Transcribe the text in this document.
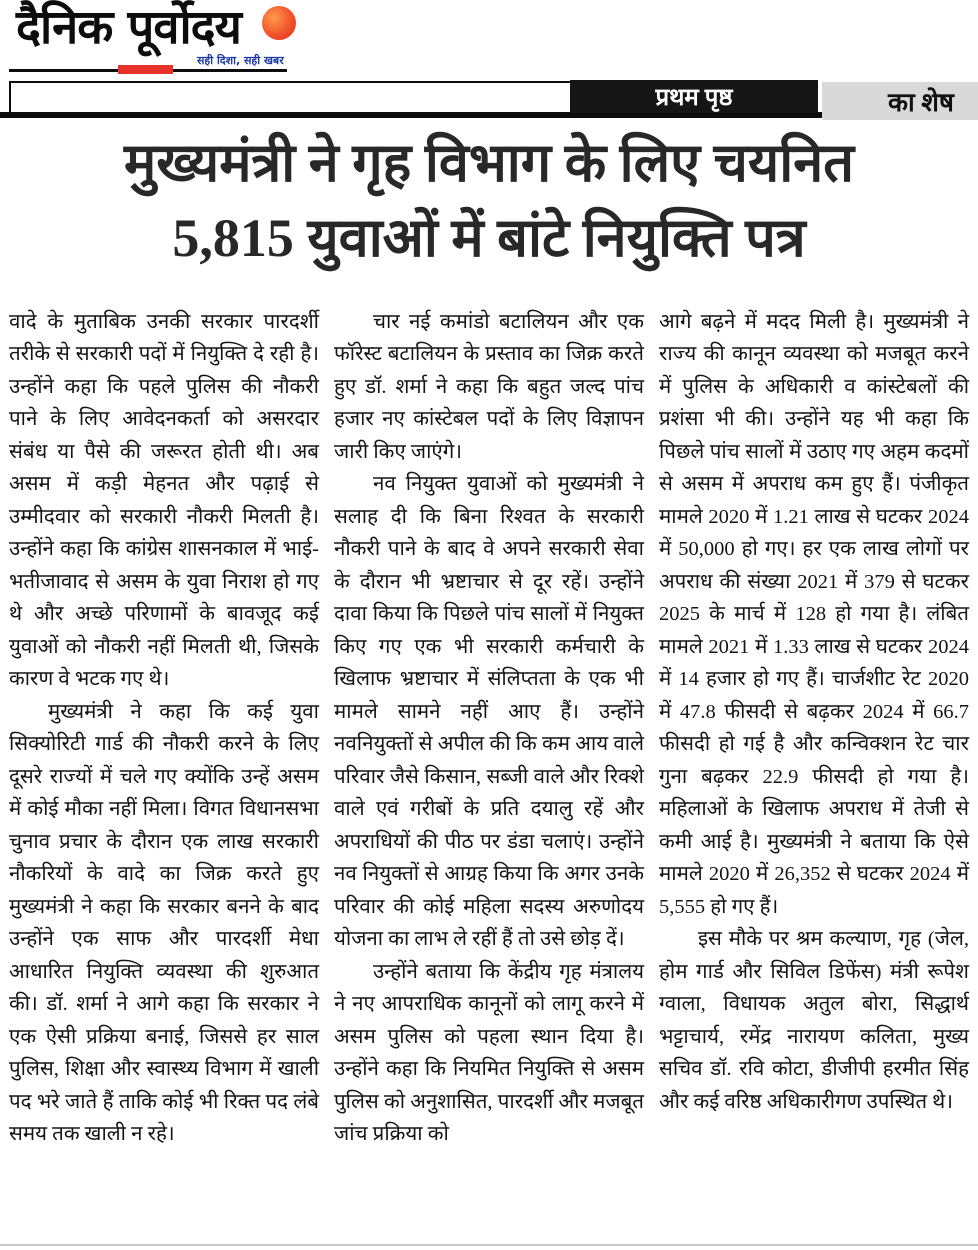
दैनिक पूर्वोदय
सही दिशा, सही खबर
प्रथम पृष्ठ	का शेष
मुख्यमंत्री ने गृह विभाग के लिए चयनित
5,815 युवाओं में बांटे नियुक्ति पत्र

वादे के मुताबिक उनकी सरकार पारदर्शी तरीके से सरकारी पदों में नियुक्ति दे रही है। उन्होंने कहा कि पहले पुलिस की नौकरी पाने के लिए आवेदनकर्ता को असरदार संबंध या पैसे की जरूरत होती थी। अब असम में कड़ी मेहनत और पढ़ाई से उम्मीदवार को सरकारी नौकरी मिलती है। उन्होंने कहा कि कांग्रेस शासनकाल में भाई-भतीजावाद से असम के युवा निराश हो गए थे और अच्छे परिणामों के बावजूद कई युवाओं को नौकरी नहीं मिलती थी, जिसके कारण वे भटक गए थे।

मुख्यमंत्री ने कहा कि कई युवा सिक्योरिटी गार्ड की नौकरी करने के लिए दूसरे राज्यों में चले गए क्योंकि उन्हें असम में कोई मौका नहीं मिला। विगत विधानसभा चुनाव प्रचार के दौरान एक लाख सरकारी नौकरियों के वादे का जिक्र करते हुए मुख्यमंत्री ने कहा कि सरकार बनने के बाद उन्होंने एक साफ और पारदर्शी मेधा आधारित नियुक्ति व्यवस्था की शुरुआत की। डॉ. शर्मा ने आगे कहा कि सरकार ने एक ऐसी प्रक्रिया बनाई, जिससे हर साल पुलिस, शिक्षा और स्वास्थ्य विभाग में खाली पद भरे जाते हैं ताकि कोई भी रिक्त पद लंबे समय तक खाली न रहे।

चार नई कमांडो बटालियन और एक फॉरेस्ट बटालियन के प्रस्ताव का जिक्र करते हुए डॉ. शर्मा ने कहा कि बहुत जल्द पांच हजार नए कांस्टेबल पदों के लिए विज्ञापन जारी किए जाएंगे।

नव नियुक्त युवाओं को मुख्यमंत्री ने सलाह दी कि बिना रिश्वत के सरकारी नौकरी पाने के बाद वे अपने सरकारी सेवा के दौरान भी भ्रष्टाचार से दूर रहें। उन्होंने दावा किया कि पिछले पांच सालों में नियुक्त किए गए एक भी सरकारी कर्मचारी के खिलाफ भ्रष्टाचार में संलिप्तता के एक भी मामले सामने नहीं आए हैं। उन्होंने नवनियुक्तों से अपील की कि कम आय वाले परिवार जैसे किसान, सब्जी वाले और रिक्शे वाले एवं गरीबों के प्रति दयालु रहें और अपराधियों की पीठ पर डंडा चलाएं। उन्होंने नव नियुक्तों से आग्रह किया कि अगर उनके परिवार की कोई महिला सदस्य अरुणोदय योजना का लाभ ले रहीं हैं तो उसे छोड़ दें।

उन्होंने बताया कि केंद्रीय गृह मंत्रालय ने नए आपराधिक कानूनों को लागू करने में असम पुलिस को पहला स्थान दिया है। उन्होंने कहा कि नियमित नियुक्ति से असम पुलिस को अनुशासित, पारदर्शी और मजबूत जांच प्रक्रिया को

आगे बढ़ने में मदद मिली है। मुख्यमंत्री ने राज्य की कानून व्यवस्था को मजबूत करने में पुलिस के अधिकारी व कांस्टेबलों की प्रशंसा भी की। उन्होंने यह भी कहा कि पिछले पांच सालों में उठाए गए अहम कदमों से असम में अपराध कम हुए हैं। पंजीकृत मामले 2020 में 1.21 लाख से घटकर 2024 में 50,000 हो गए। हर एक लाख लोगों पर अपराध की संख्या 2021 में 379 से घटकर 2025 के मार्च में 128 हो गया है। लंबित मामले 2021 में 1.33 लाख से घटकर 2024 में 14 हजार हो गए हैं। चार्जशीट रेट 2020 में 47.8 फीसदी से बढ़कर 2024 में 66.7 फीसदी हो गई है और कन्विक्शन रेट चार गुना बढ़कर 22.9 फीसदी हो गया है। महिलाओं के खिलाफ अपराध में तेजी से कमी आई है। मुख्यमंत्री ने बताया कि ऐसे मामले 2020 में 26,352 से घटकर 2024 में 5,555 हो गए हैं।

इस मौके पर श्रम कल्याण, गृह (जेल, होम गार्ड और सिविल डिफेंस) मंत्री रूपेश ग्वाला, विधायक अतुल बोरा, सिद्धार्थ भट्टाचार्य, रमेंद्र नारायण कलिता, मुख्य सचिव डॉ. रवि कोटा, डीजीपी हरमीत सिंह और कई वरिष्ठ अधिकारीगण उपस्थित थे।
